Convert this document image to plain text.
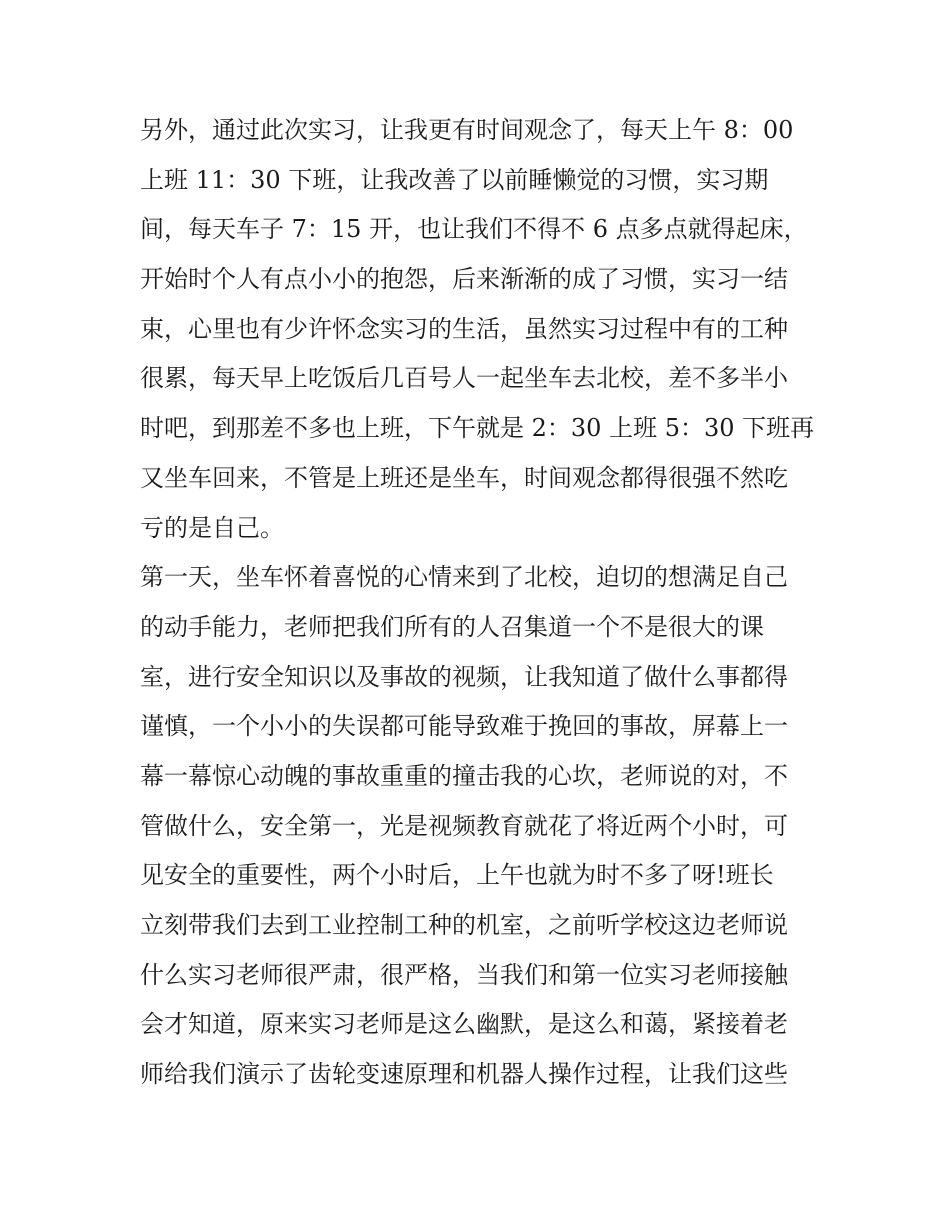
另外，通过此次实习，让我更有时间观念了，每天上午 8：00
上班 11：30 下班，让我改善了以前睡懒觉的习惯，实习期
间，每天车子 7：15 开，也让我们不得不 6 点多点就得起床，
开始时个人有点小小的抱怨，后来渐渐的成了习惯，实习一结
束，心里也有少许怀念实习的生活，虽然实习过程中有的工种
很累，每天早上吃饭后几百号人一起坐车去北校，差不多半小
时吧，到那差不多也上班，下午就是 2：30 上班 5：30 下班再
又坐车回来，不管是上班还是坐车，时间观念都得很强不然吃
亏的是自己。
第一天，坐车怀着喜悦的心情来到了北校，迫切的想满足自己
的动手能力，老师把我们所有的人召集道一个不是很大的课
室，进行安全知识以及事故的视频，让我知道了做什么事都得
谨慎，一个小小的失误都可能导致难于挽回的事故，屏幕上一
幕一幕惊心动魄的事故重重的撞击我的心坎，老师说的对，不
管做什么，安全第一，光是视频教育就花了将近两个小时，可
见安全的重要性，两个小时后，上午也就为时不多了呀!班长
立刻带我们去到工业控制工种的机室，之前听学校这边老师说
什么实习老师很严肃，很严格，当我们和第一位实习老师接触
会才知道，原来实习老师是这么幽默，是这么和蔼，紧接着老
师给我们演示了齿轮变速原理和机器人操作过程，让我们这些
